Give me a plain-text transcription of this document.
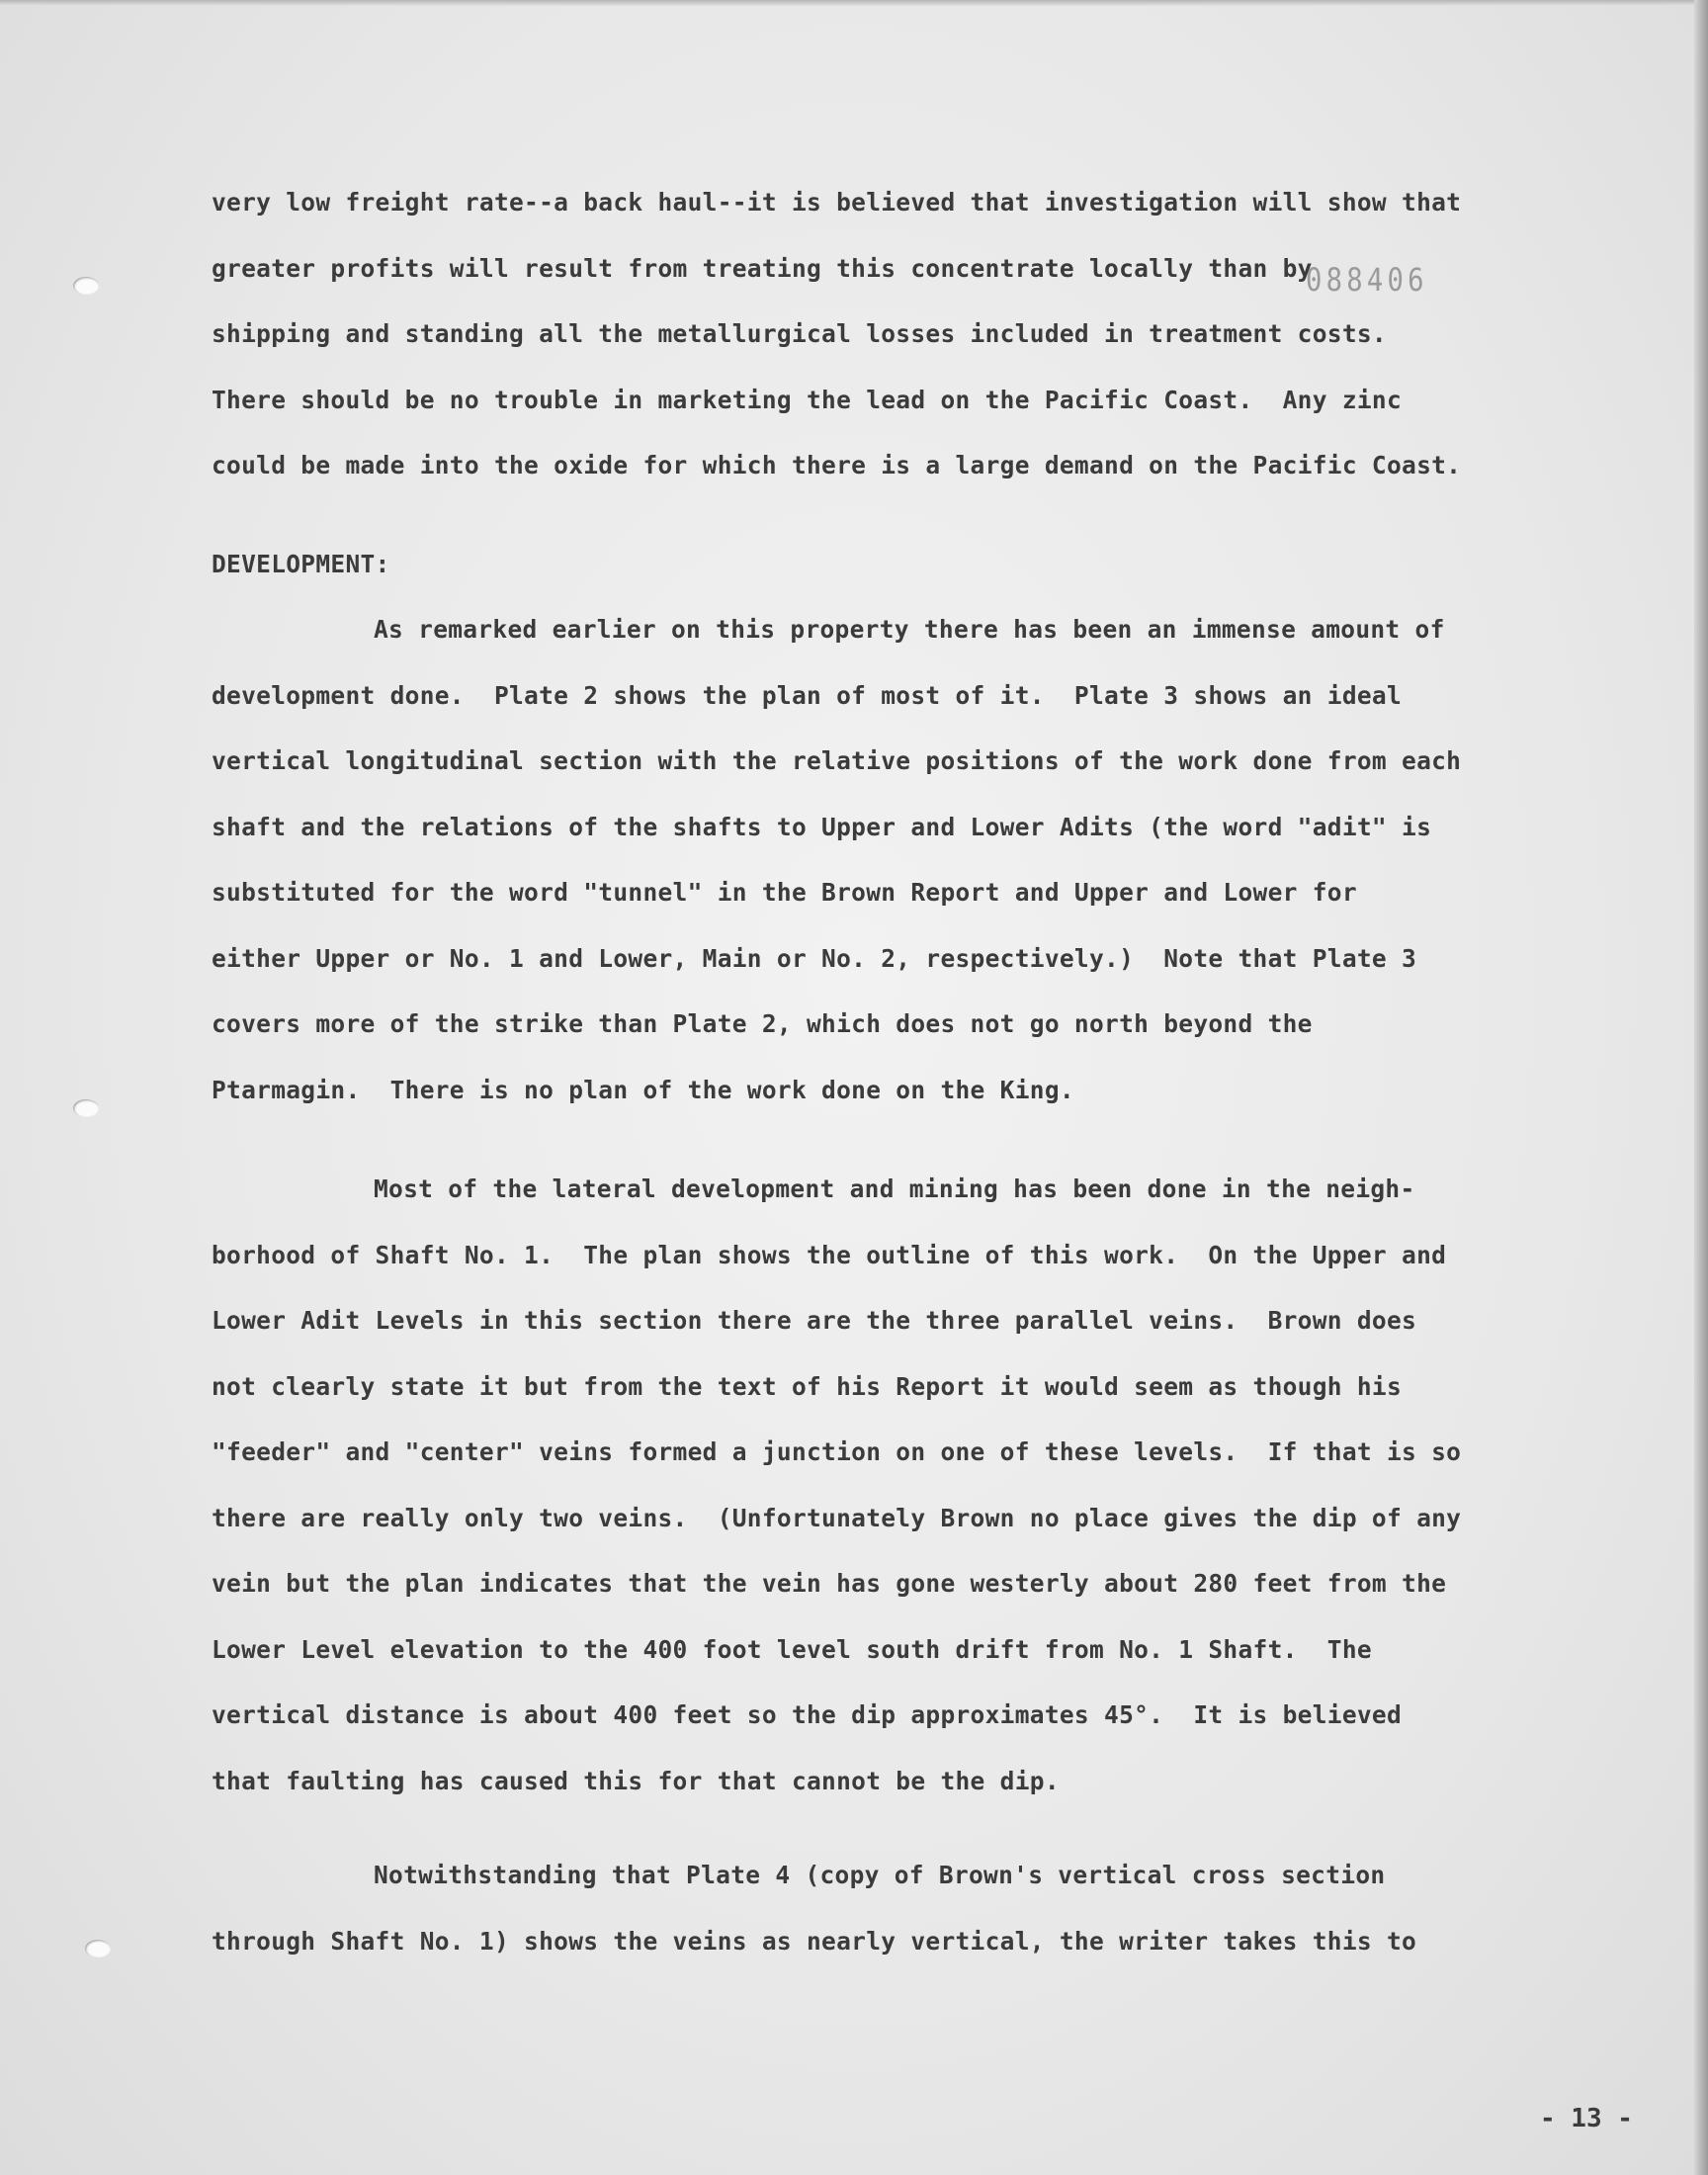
088406
very low freight rate--a back haul--it is believed that investigation will show that
greater profits will result from treating this concentrate locally than by
shipping and standing all the metallurgical losses included in treatment costs.
There should be no trouble in marketing the lead on the Pacific Coast.  Any zinc
could be made into the oxide for which there is a large demand on the Pacific Coast.
DEVELOPMENT:
As remarked earlier on this property there has been an immense amount of
development done.  Plate 2 shows the plan of most of it.  Plate 3 shows an ideal
vertical longitudinal section with the relative positions of the work done from each
shaft and the relations of the shafts to Upper and Lower Adits (the word "adit" is
substituted for the word "tunnel" in the Brown Report and Upper and Lower for
either Upper or No. 1 and Lower, Main or No. 2, respectively.)  Note that Plate 3
covers more of the strike than Plate 2, which does not go north beyond the
Ptarmagin.  There is no plan of the work done on the King.
Most of the lateral development and mining has been done in the neigh-
borhood of Shaft No. 1.  The plan shows the outline of this work.  On the Upper and
Lower Adit Levels in this section there are the three parallel veins.  Brown does
not clearly state it but from the text of his Report it would seem as though his
"feeder" and "center" veins formed a junction on one of these levels.  If that is so
there are really only two veins.  (Unfortunately Brown no place gives the dip of any
vein but the plan indicates that the vein has gone westerly about 280 feet from the
Lower Level elevation to the 400 foot level south drift from No. 1 Shaft.  The
vertical distance is about 400 feet so the dip approximates 45°.  It is believed
that faulting has caused this for that cannot be the dip.
Notwithstanding that Plate 4 (copy of Brown's vertical cross section
through Shaft No. 1) shows the veins as nearly vertical, the writer takes this to
- 13 -
